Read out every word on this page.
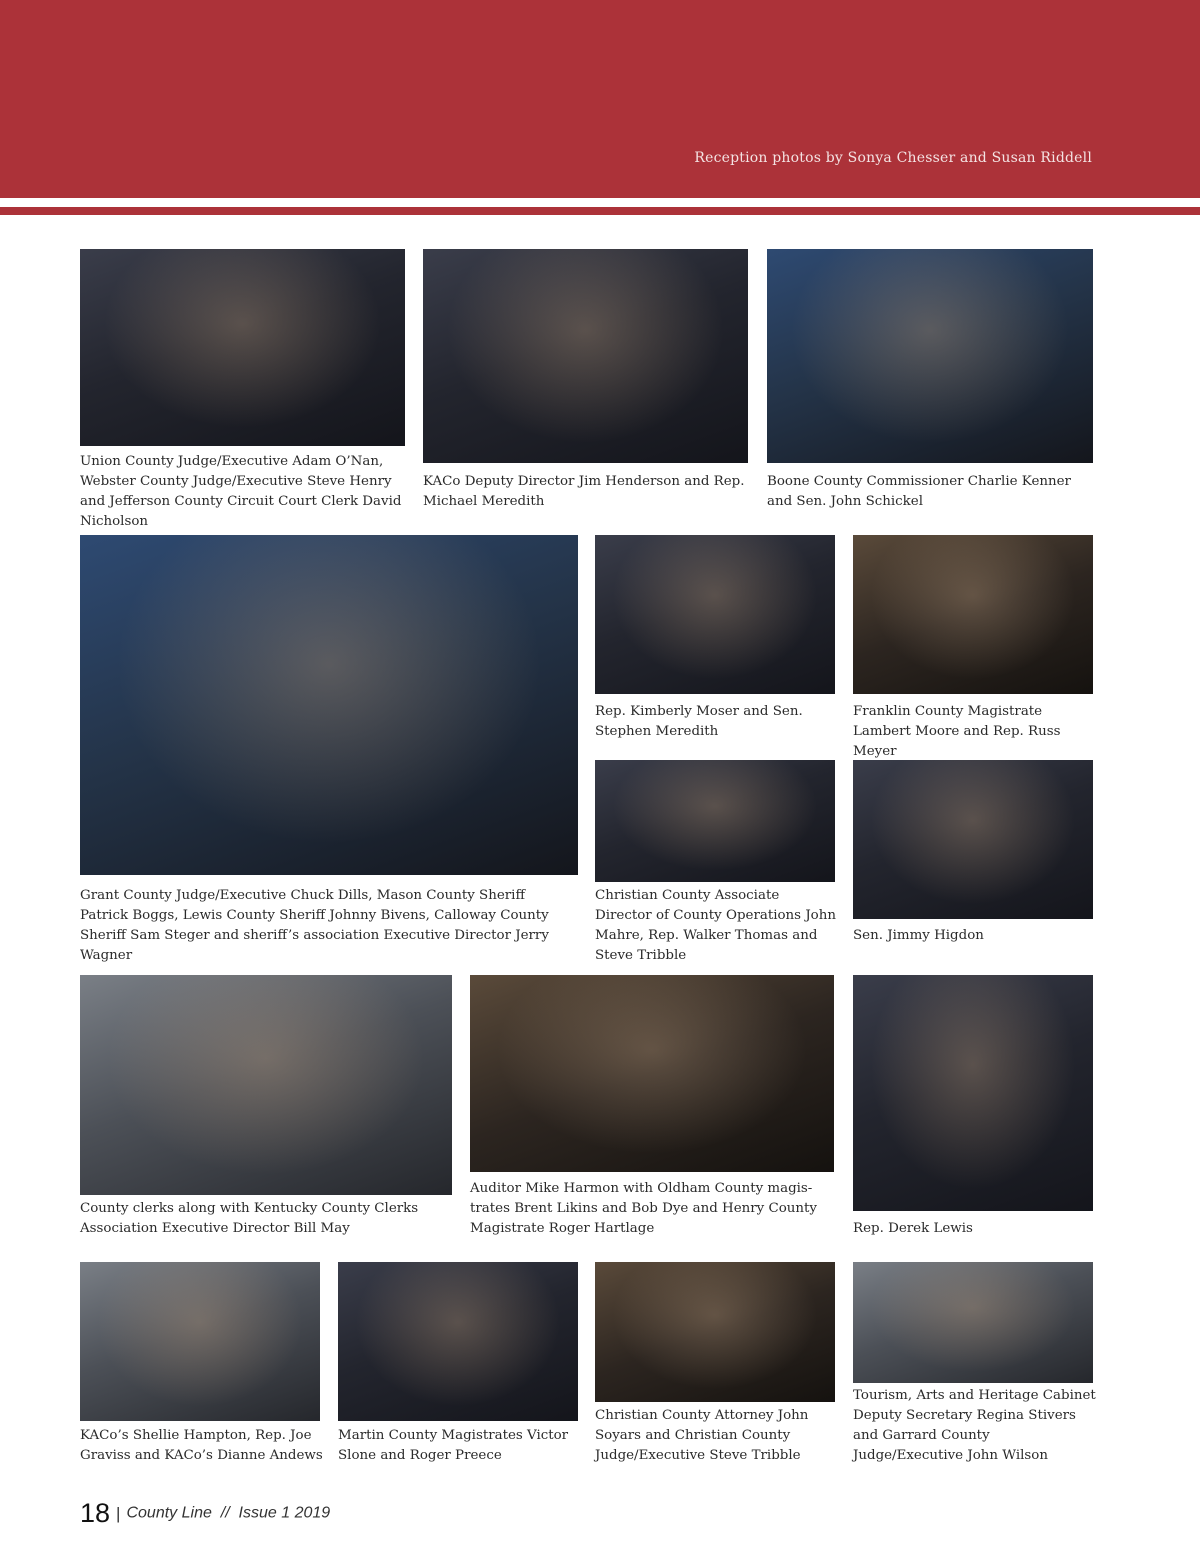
Reception photos by Sonya Chesser and Susan Riddell

Union County Judge/Executive Adam O’Nan, Webster County Judge/Executive Steve Henry and Jefferson County Circuit Court Clerk David Nicholson

KACo Deputy Director Jim Henderson and Rep. Michael Meredith

Boone County Commissioner Charlie Kenner and Sen. John Schickel

Grant County Judge/Executive Chuck Dills, Mason County Sheriff Patrick Boggs, Lewis County Sheriff Johnny Bivens, Calloway County Sheriff Sam Steger and sheriff’s association Executive Director Jerry Wagner

Rep. Kimberly Moser and Sen. Stephen Meredith

Franklin County Magistrate Lambert Moore and Rep. Russ Meyer

Christian County Associate Director of County Operations John Mahre, Rep. Walker Thomas and Steve Tribble

Sen. Jimmy Higdon

County clerks along with Kentucky County Clerks Association Executive Director Bill May

Auditor Mike Harmon with Oldham County magis-trates Brent Likins and Bob Dye and Henry County Magistrate Roger Hartlage	Rep. Derek Lewis

KACo’s Shellie Hampton, Rep. Joe Graviss and KACo’s Dianne Andews

Martin County Magistrates Victor Slone and Roger Preece

Christian County Attorney John Soyars and Christian County Judge/Executive Steve Tribble

Tourism, Arts and Heritage Cabinet Deputy Secretary Regina Stivers and Garrard County Judge/Executive John Wilson

18 | County Line  //  Issue 1 2019
